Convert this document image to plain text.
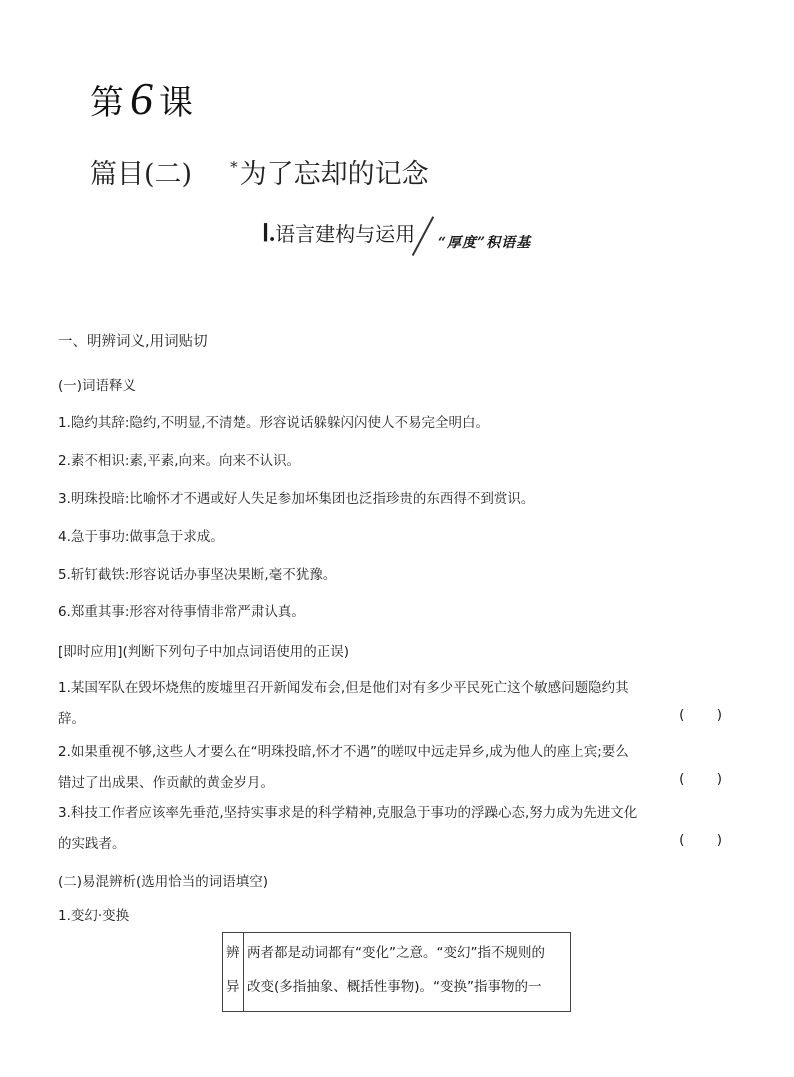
第 6 课
篇目(二)	*为了忘却的记念
Ⅰ.语言建构与运用 “厚度”积语基
一、明辨词义,用词贴切
(一)词语释义
1.隐约其辞:隐约,不明显,不清楚。形容说话躲躲闪闪使人不易完全明白。
2.素不相识:素,平素,向来。向来不认识。
3.明珠投暗:比喻怀才不遇或好人失足参加坏集团也泛指珍贵的东西得不到赏识。
4.急于事功:做事急于求成。
5.斩钉截铁:形容说话办事坚决果断,毫不犹豫。
6.郑重其事:形容对待事情非常严肃认真。
[即时应用](判断下列句子中加点词语使用的正误)
1.某国军队在毁坏烧焦的废墟里召开新闻发布会,但是他们对有多少平民死亡这个敏感问题隐约其
辞。	( )
2.如果重视不够,这些人才要么在“明珠投暗,怀才不遇”的嗟叹中远走异乡,成为他人的座上宾;要么
错过了出成果、作贡献的黄金岁月。	( )
3.科技工作者应该率先垂范,坚持实事求是的科学精神,克服急于事功的浮躁心态,努力成为先进文化
的实践者。	( )
(二)易混辨析(选用恰当的词语填空)
1.变幻·变换
辨
异
两者都是动词都有“变化”之意。“变幻”指不规则的
改变(多指抽象、概括性事物)。“变换”指事物的一
